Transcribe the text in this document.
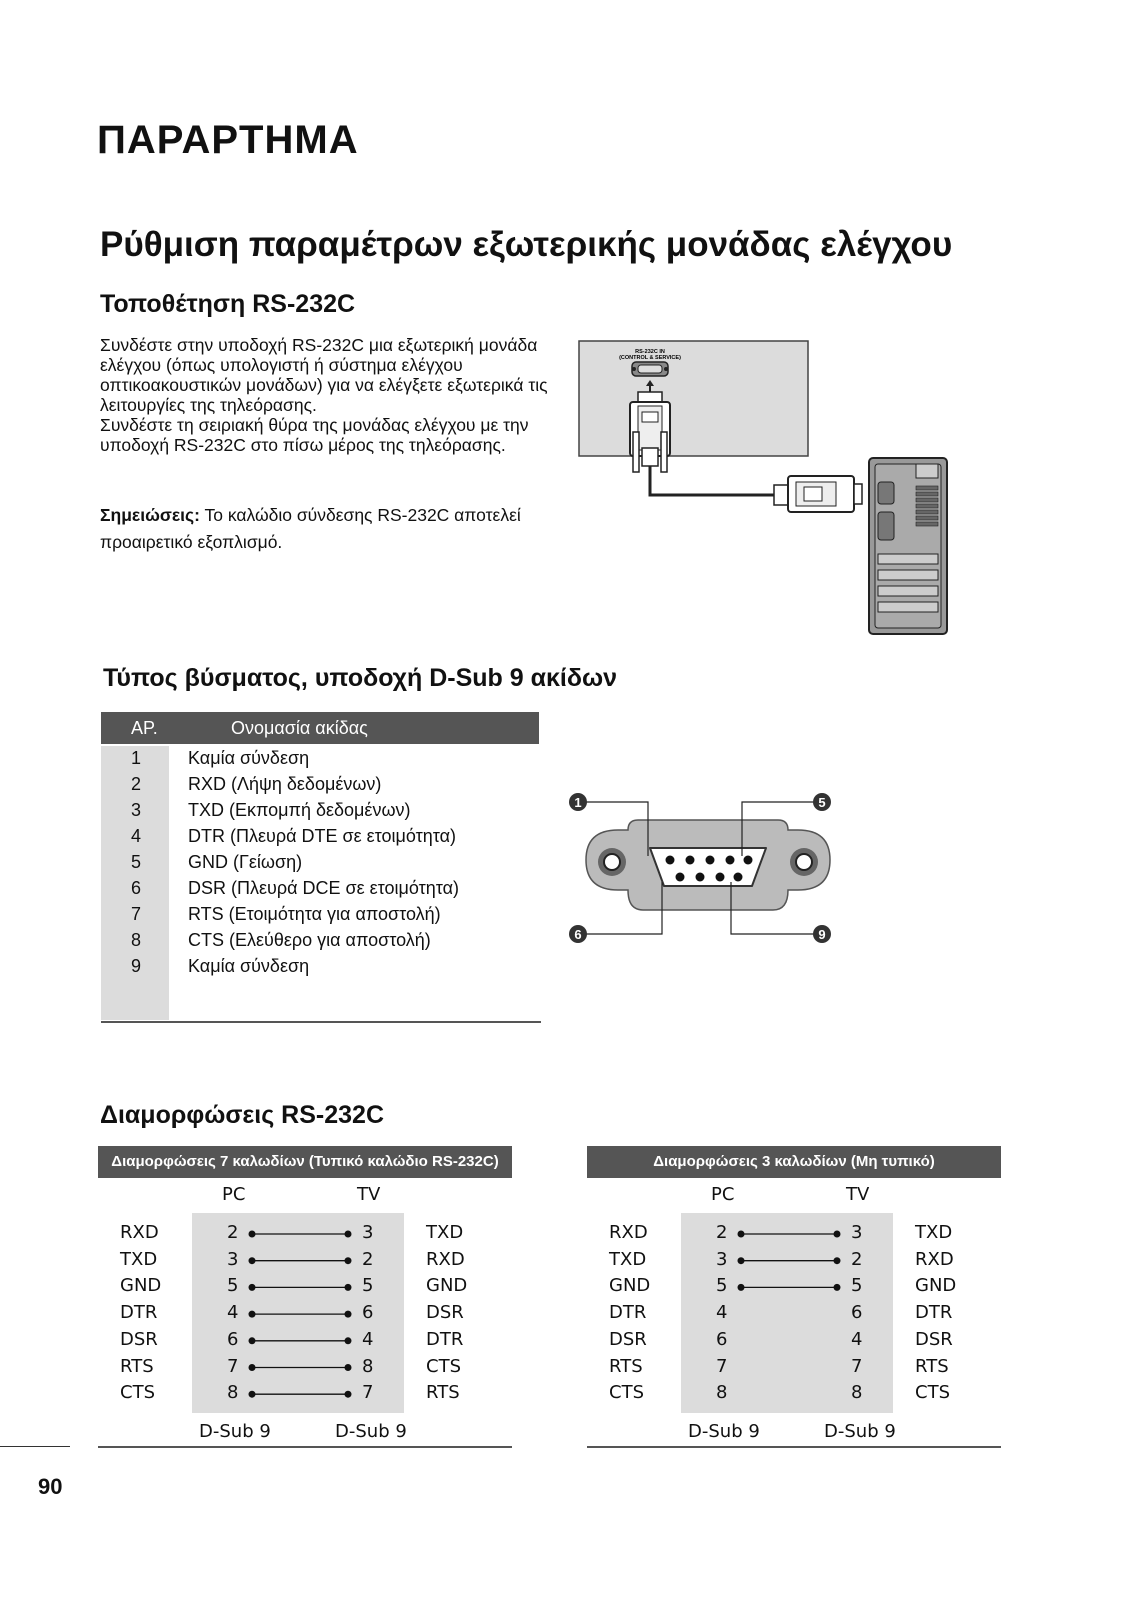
ΠΑΡΑΡΤΗΜΑ
Ρύθμιση παραμέτρων εξωτερικής μονάδας ελέγχου
Τοποθέτηση RS-232C

Συνδέστε στην υποδοχή RS-232C μια εξωτερική μονάδα ελέγχου (όπως υπολογιστή ή σύστημα ελέγχου οπτικοακουστικών μονάδων) για να ελέγξετε εξωτερικά τις λειτουργίες της τηλεόρασης.

Συνδέστε τη σειριακή θύρα της μονάδας ελέγχου με την υποδοχή RS-232C στο πίσω μέρος της τηλεόρασης.

Σημειώσεις: Το καλώδιο σύνδεσης RS-232C αποτελεί προαιρετικό εξοπλισμό.
RS-232C IN
(CONTROL & SERVICE)
Τύπος βύσματος, υποδοχή D-Sub 9 ακίδων
ΑΡ.	Ονομασία ακίδας
1	Καμία σύνδεση
2	RXD (Λήψη δεδομένων)
3	TXD (Εκπομπή δεδομένων)
4	DTR (Πλευρά DTE σε ετοιμότητα)
5	GND (Γείωση)
6	DSR (Πλευρά DCE σε ετοιμότητα)
7	RTS (Ετοιμότητα για αποστολή)
8	CTS (Ελεύθερο για αποστολή)
9	Καμία σύνδεση
1	5
6	9
Διαμορφώσεις RS-232C
Διαμορφώσεις 7 καλωδίων (Τυπικό καλώδιο RS-232C)
PC	TV
RXD	2	3	TXD
TXD	3	2	RXD
GND	5	5	GND
DTR	4	6	DSR
DSR	6	4	DTR
RTS	7	8	CTS
CTS	8	7	RTS
D-Sub 9	D-Sub 9
Διαμορφώσεις 3 καλωδίων (Μη τυπικό)
PC	TV
RXD	2	3	TXD
TXD	3	2	RXD
GND	5	5	GND
DTR	4	6	DTR
DSR	6	4	DSR
RTS	7	7	RTS
CTS	8	8	CTS
D-Sub 9	D-Sub 9
90
